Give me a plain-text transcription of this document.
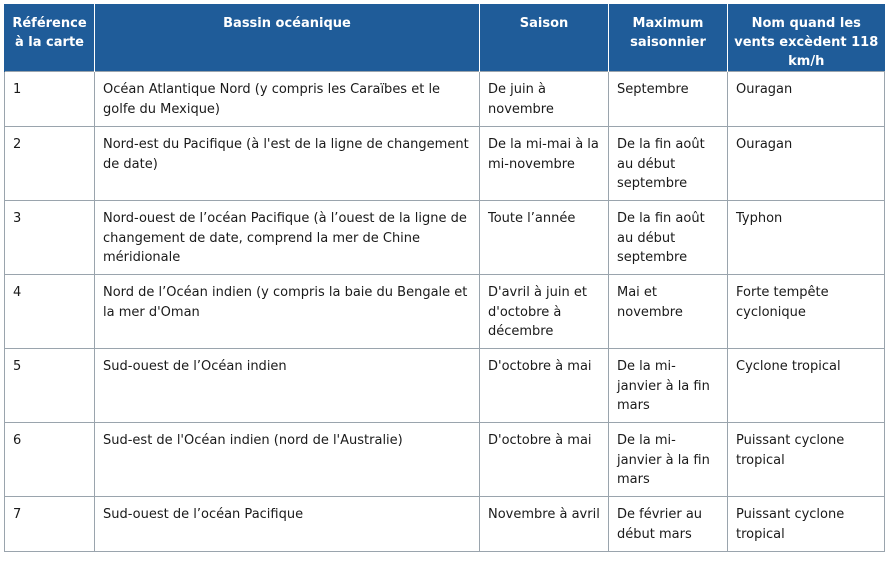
Référence à la carte	Bassin océanique	Saison	Maximum saisonnier	Nom quand les vents excèdent 118 km/h
1	Océan Atlantique Nord (y compris les Caraïbes et le golfe du Mexique)	De juin à novembre	Septembre	Ouragan
2	Nord-est du Pacifique (à l'est de la ligne de changement de date)	De la mi-mai à la mi-novembre	De la fin août au début septembre	Ouragan
3	Nord-ouest de l’océan Pacifique (à l’ouest de la ligne de changement de date, comprend la mer de Chine méridionale	Toute l’année	De la fin août au début septembre	Typhon
4	Nord de l’Océan indien (y compris la baie du Bengale et la mer d'Oman	D'avril à juin et d'octobre à décembre	Mai et novembre	Forte tempête cyclonique
5	Sud-ouest de l’Océan indien	D'octobre à mai	De la mi-janvier à la fin mars	Cyclone tropical
6	Sud-est de l'Océan indien (nord de l'Australie)	D'octobre à mai	De la mi-janvier à la fin mars	Puissant cyclone tropical
7	Sud-ouest de l’océan Pacifique	Novembre à avril	De février au début mars	Puissant cyclone tropical
